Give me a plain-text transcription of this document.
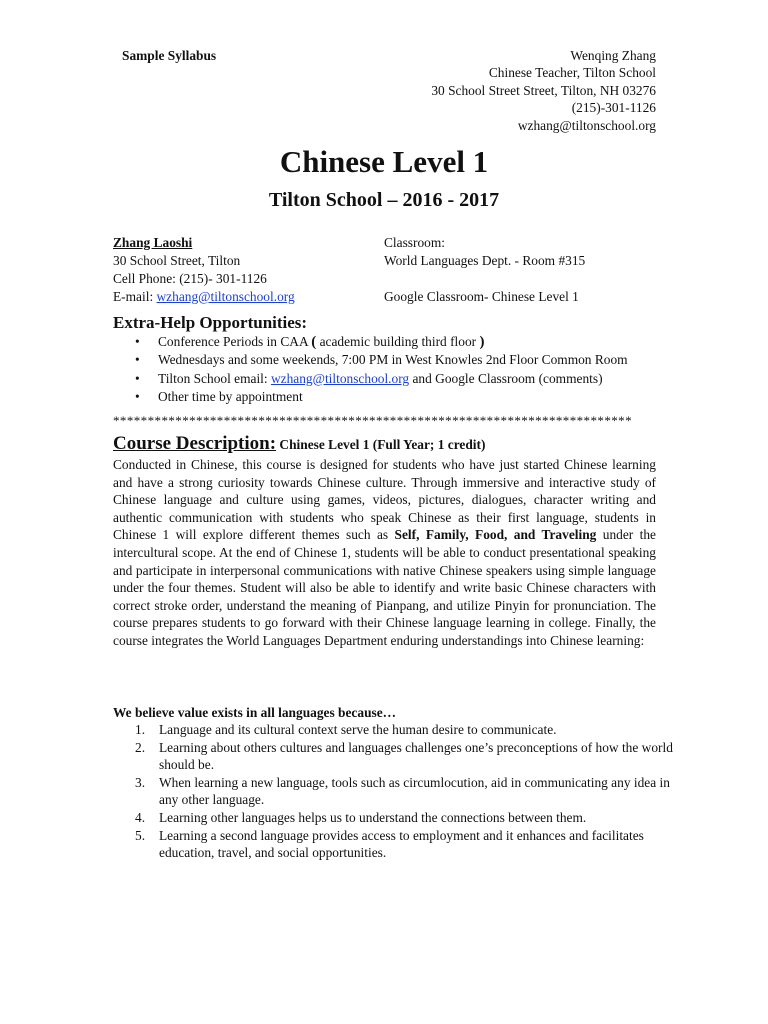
Sample Syllabus	Wenqing Zhang
Chinese Teacher, Tilton School
30 School Street Street, Tilton, NH 03276
(215)-301-1126
wzhang@tiltonschool.org
Chinese Level 1
Tilton School – 2016 - 2017
Zhang Laoshi
30 School Street, Tilton
Cell Phone: (215)- 301-1126
E-mail: wzhang@tiltonschool.org
Classroom:
World Languages Dept. - Room #315

Google Classroom- Chinese Level 1
Extra-Help Opportunities:
• Conference Periods in CAA ( academic building third floor )
• Wednesdays and some weekends, 7:00 PM in West Knowles 2nd Floor Common Room
• Tilton School email: wzhang@tiltonschool.org and Google Classroom (comments)
• Other time by appointment
***************************************************************************
Course Description: Chinese Level 1 (Full Year; 1 credit)
Conducted in Chinese, this course is designed for students who have just started Chinese learning and have a strong curiosity towards Chinese culture. Through immersive and interactive study of Chinese language and culture using games, videos, pictures, dialogues, character writing and authentic communication with students who speak Chinese as their first language, students in Chinese 1 will explore different themes such as Self, Family, Food, and Traveling under the intercultural scope. At the end of Chinese 1, students will be able to conduct presentational speaking and participate in interpersonal communications with native Chinese speakers using simple language under the four themes. Student will also be able to identify and write basic Chinese characters with correct stroke order, understand the meaning of Pianpang, and utilize Pinyin for pronunciation. The course prepares students to go forward with their Chinese language learning in college. Finally, the course integrates the World Languages Department enduring understandings into Chinese learning:
We believe value exists in all languages because…
1. Language and its cultural context serve the human desire to communicate.
2. Learning about others cultures and languages challenges one’s preconceptions of how the world should be.
3. When learning a new language, tools such as circumlocution, aid in communicating any idea in any other language.
4. Learning other languages helps us to understand the connections between them.
5. Learning a second language provides access to employment and it enhances and facilitates education, travel, and social opportunities.
